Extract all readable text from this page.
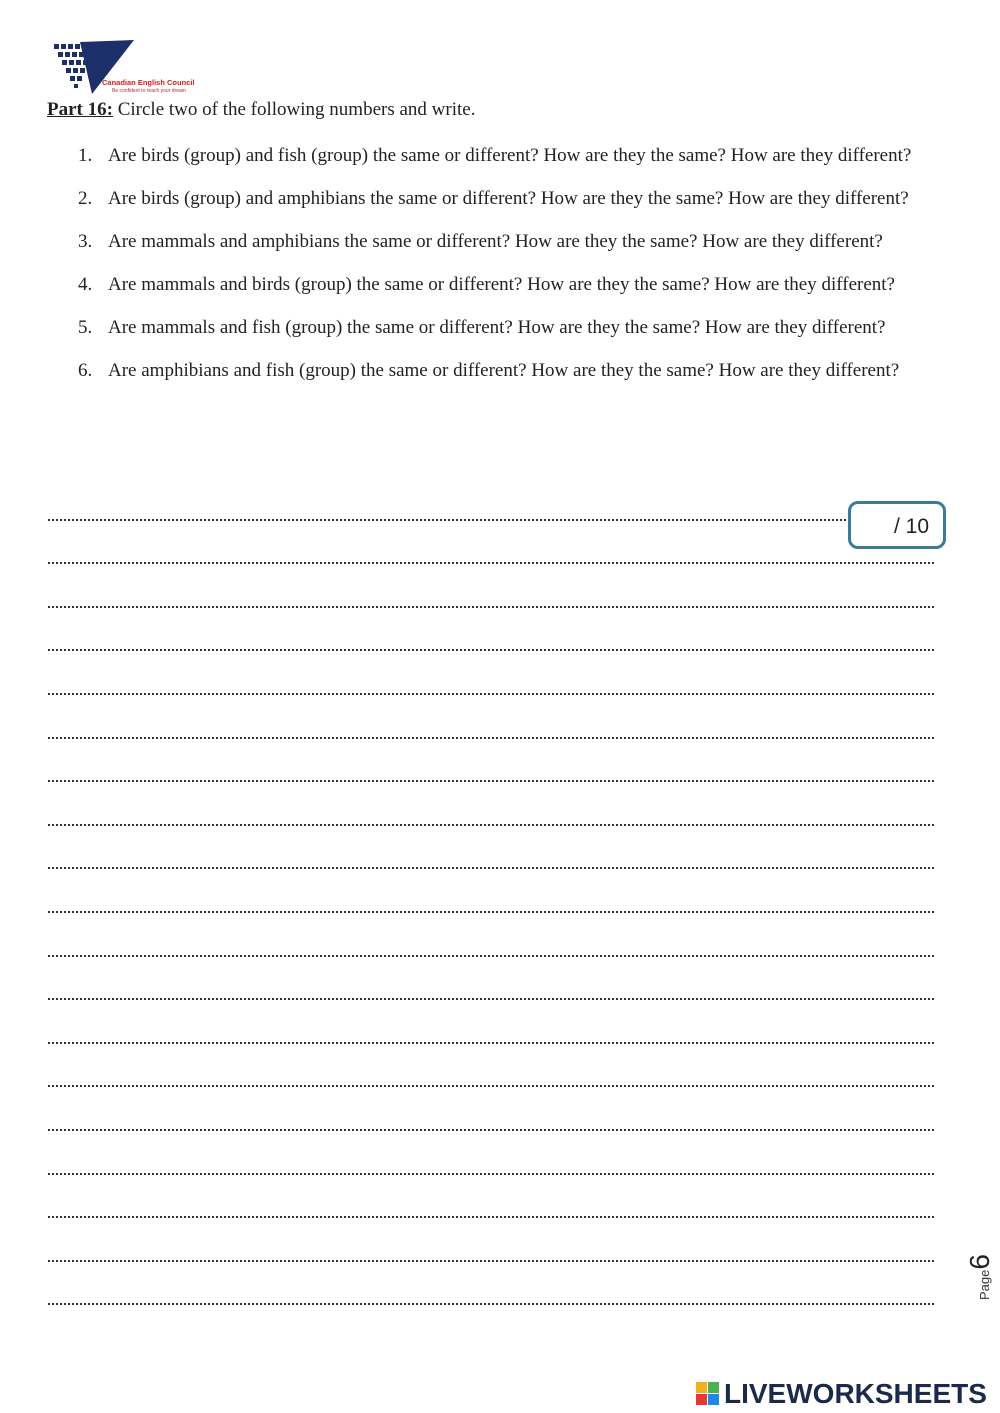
Canadian English Council
Be confident to reach your dream
Part 16: Circle two of the following numbers and write.
1. Are birds (group) and fish (group) the same or different? How are they the same? How are they different?
2. Are birds (group) and amphibians the same or different? How are they the same? How are they different?
3. Are mammals and amphibians the same or different? How are they the same? How are they different?
4. Are mammals and birds (group) the same or different? How are they the same? How are they different?
5. Are mammals and fish (group) the same or different? How are they the same? How are they different?
6. Are amphibians and fish (group) the same or different? How are they the same? How are they different?
/ 10
Page6
LIVEWORKSHEETS
